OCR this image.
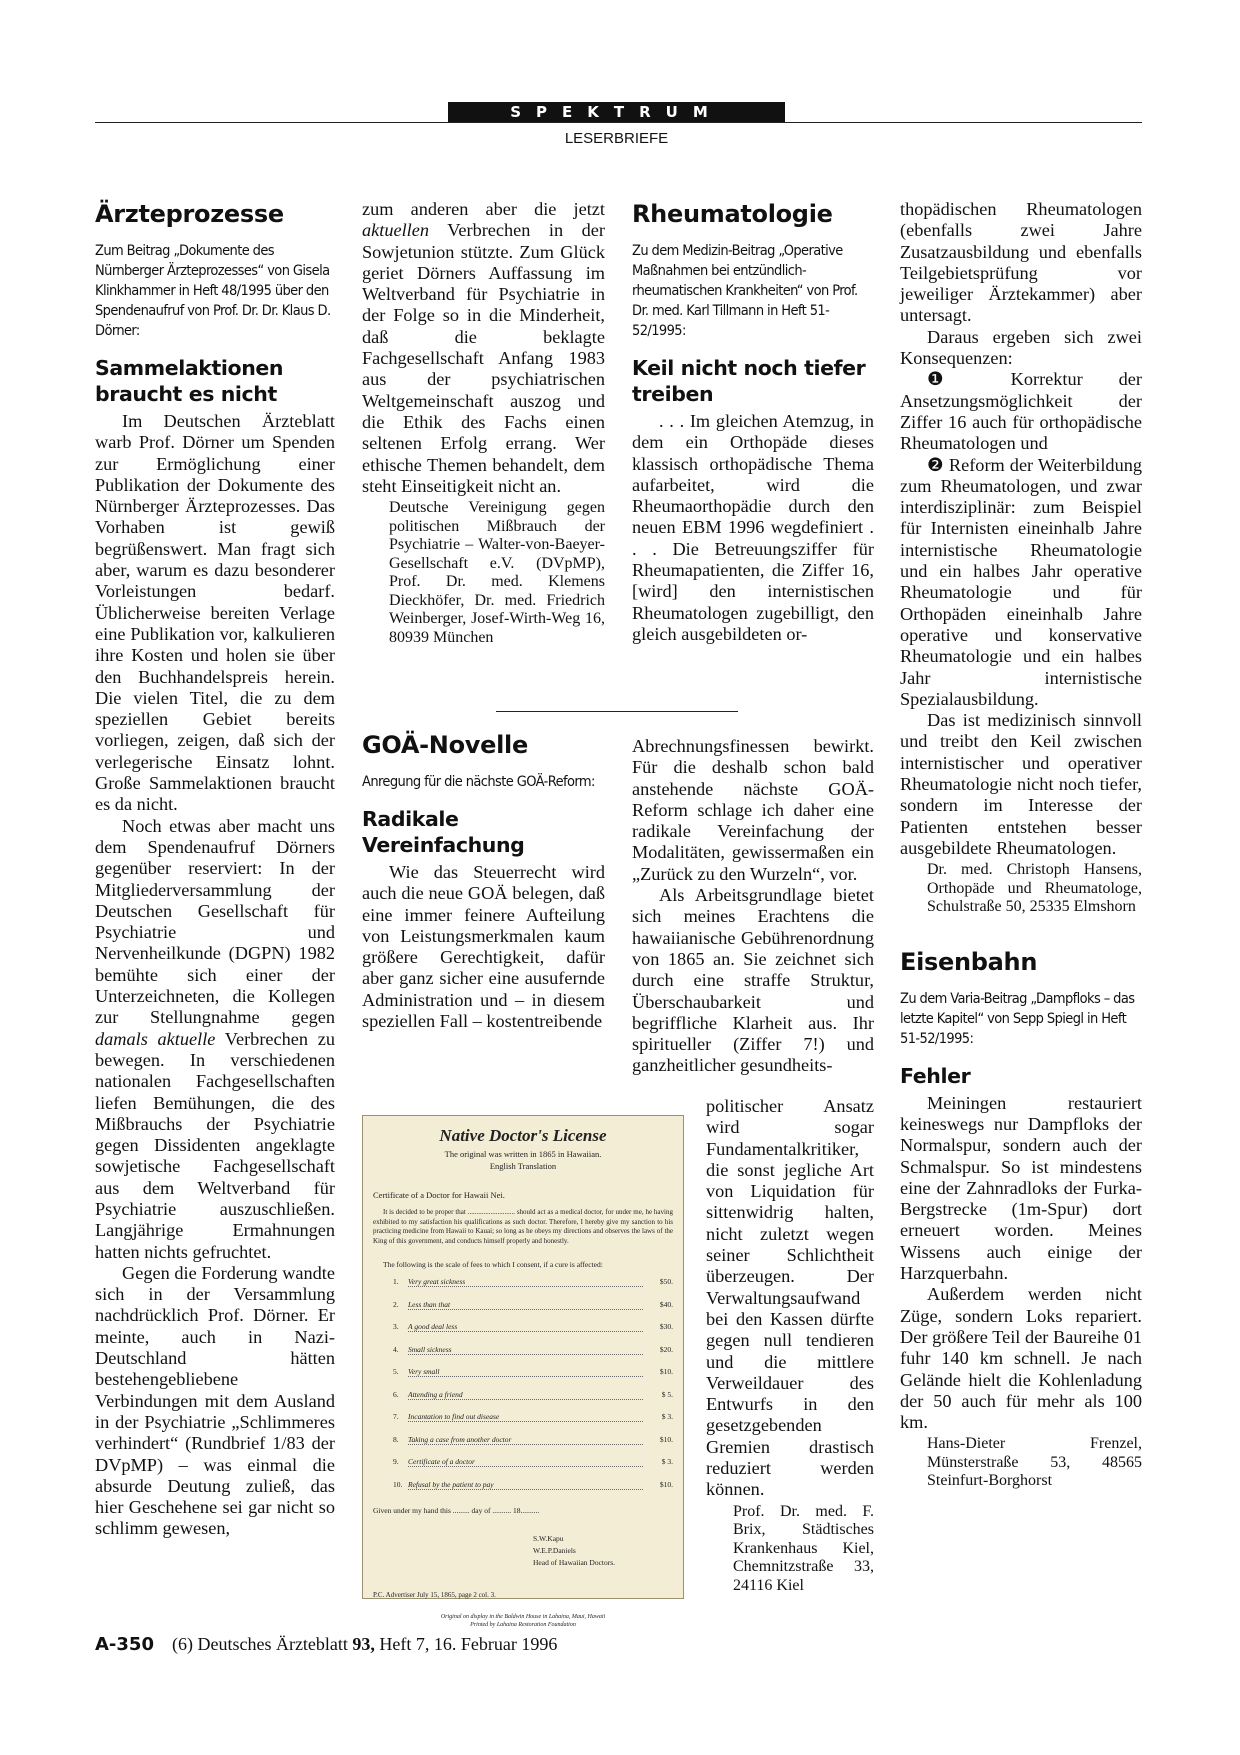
SPEKTRUM
LESERBRIEFE
Ärzteprozesse
Zum Beitrag „Dokumente des Nürnberger Ärzteprozesses“ von Gisela Klinkhammer in Heft 48/1995 über den Spendenaufruf von Prof. Dr. Dr. Klaus D. Dörner:
Sammelaktionen braucht es nicht

Im Deutschen Ärzteblatt warb Prof. Dörner um Spenden zur Ermöglichung einer Publikation der Dokumente des Nürnberger Ärzteprozesses. Das Vorhaben ist gewiß begrüßenswert. Man fragt sich aber, warum es dazu besonderer Vorleistungen bedarf. Üblicherweise bereiten Verlage eine Publikation vor, kalkulieren ihre Kosten und holen sie über den Buchhandelspreis herein. Die vielen Titel, die zu dem speziellen Gebiet bereits vorliegen, zeigen, daß sich der verlegerische Einsatz lohnt. Große Sammelaktionen braucht es da nicht.

Noch etwas aber macht uns dem Spendenaufruf Dörners gegenüber reserviert: In der Mitgliederversammlung der Deutschen Gesellschaft für Psychiatrie und Nervenheilkunde (DGPN) 1982 bemühte sich einer der Unterzeichneten, die Kollegen zur Stellungnahme gegen damals aktuelle Verbrechen zu bewegen. In verschiedenen nationalen Fachgesellschaften liefen Bemühungen, die des Mißbrauchs der Psychiatrie gegen Dissidenten angeklagte sowjetische Fachgesellschaft aus dem Weltverband für Psychiatrie auszuschließen. Langjährige Ermahnungen hatten nichts gefruchtet.

Gegen die Forderung wandte sich in der Versammlung nachdrücklich Prof. Dörner. Er meinte, auch in Nazi-Deutschland hätten bestehengebliebene Verbindungen mit dem Ausland in der Psychiatrie „Schlimmeres verhindert“ (Rundbrief 1/83 der DVpMP) – was einmal die absurde Deutung zuließ, das hier Geschehene sei gar nicht so schlimm gewesen,

zum anderen aber die jetzt aktuellen Verbrechen in der Sowjetunion stützte. Zum Glück geriet Dörners Auffassung im Weltverband für Psychiatrie in der Folge so in die Minderheit, daß die beklagte Fachgesellschaft Anfang 1983 aus der psychiatrischen Weltgemeinschaft auszog und die Ethik des Fachs einen seltenen Erfolg errang. Wer ethische Themen behandelt, dem steht Einseitigkeit nicht an.

Deutsche Vereinigung gegen politischen Mißbrauch der Psychiatrie – Walter-von-Baeyer-Gesellschaft e.V. (DVpMP), Prof. Dr. med. Klemens Dieckhöfer, Dr. med. Friedrich Weinberger, Josef-Wirth-Weg 16, 80939 München

Rheumatologie
Zu dem Medizin-Beitrag „Operative Maßnahmen bei entzündlich-rheumatischen Krankheiten“ von Prof. Dr. med. Karl Tillmann in Heft 51-52/1995:
Keil nicht noch tiefer treiben

. . . Im gleichen Atemzug, in dem ein Orthopäde dieses klassisch orthopädische Thema aufarbeitet, wird die Rheumaorthopädie durch den neuen EBM 1996 wegdefiniert . . . Die Betreuungsziffer für Rheumapatienten, die Ziffer 16, [wird] den internistischen Rheumatologen zugebilligt, den gleich ausgebildeten or-

thopädischen Rheumatologen (ebenfalls zwei Jahre Zusatzausbildung und ebenfalls Teilgebietsprüfung vor jeweiliger Ärztekammer) aber untersagt.

Daraus ergeben sich zwei Konsequenzen:

❶ Korrektur der Ansetzungsmöglichkeit der Ziffer 16 auch für orthopädische Rheumatologen und

❷ Reform der Weiterbildung zum Rheumatologen, und zwar interdisziplinär: zum Beispiel für Internisten eineinhalb Jahre internistische Rheumatologie und ein halbes Jahr operative Rheumatologie und für Orthopäden eineinhalb Jahre operative und konservative Rheumatologie und ein halbes Jahr internistische Spezialausbildung.

Das ist medizinisch sinnvoll und treibt den Keil zwischen internistischer und operativer Rheumatologie nicht noch tiefer, sondern im Interesse der Patienten entstehen besser ausgebildete Rheumatologen.

Dr. med. Christoph Hansens, Orthopäde und Rheumatologe, Schulstraße 50, 25335 Elmshorn

Eisenbahn
Zu dem Varia-Beitrag „Dampfloks – das letzte Kapitel“ von Sepp Spiegl in Heft 51-52/1995:
Fehler

Meiningen restauriert keineswegs nur Dampfloks der Normalspur, sondern auch der Schmalspur. So ist mindestens eine der Zahnradloks der Furka-Bergstrecke (1m-Spur) dort erneuert worden. Meines Wissens auch einige der Harzquerbahn.

Außerdem werden nicht Züge, sondern Loks repariert. Der größere Teil der Baureihe 01 fuhr 140 km schnell. Je nach Gelände hielt die Kohlenladung der 50 auch für mehr als 100 km.

Hans-Dieter Frenzel, Münsterstraße 53, 48565 Steinfurt-Borghorst

GOÄ-Novelle
Anregung für die nächste GOÄ-Reform:
Radikale Vereinfachung

Wie das Steuerrecht wird auch die neue GOÄ belegen, daß eine immer feinere Aufteilung von Leistungsmerkmalen kaum größere Gerechtigkeit, dafür aber ganz sicher eine ausufernde Administration und – in diesem speziellen Fall – kostentreibende

Abrechnungsfinessen bewirkt. Für die deshalb schon bald anstehende nächste GOÄ-Reform schlage ich daher eine radikale Vereinfachung der Modalitäten, gewissermaßen ein „Zurück zu den Wurzeln“, vor.

Als Arbeitsgrundlage bietet sich meines Erachtens die hawaiianische Gebührenordnung von 1865 an. Sie zeichnet sich durch eine straffe Struktur, Überschaubarkeit und begriffliche Klarheit aus. Ihr spiritueller (Ziffer 7!) und ganzheitlicher gesundheits-

politischer Ansatz wird sogar Fundamentalkritiker, die sonst jegliche Art von Liquidation für sittenwidrig halten, nicht zuletzt wegen seiner Schlichtheit überzeugen. Der Verwaltungsaufwand bei den Kassen dürfte gegen null tendieren und die mittlere Verweildauer des Entwurfs in den gesetzgebenden Gremien drastisch reduziert werden können.

Prof. Dr. med. F. Brix, Städtisches Krankenhaus Kiel, Chemnitzstraße 33, 24116 Kiel

Native Doctor's License

The original was written in 1865 in Hawaiian.
English Translation

Certificate of a Doctor for Hawaii Nei.

It is decided to be proper that ........................... should act as a medical doctor, for under me, he having exhibited to my satisfaction his qualifications as such doctor. Therefore, I hereby give my sanction to his practicing medicine from Hawaii to Kauai; so long as he obeys my directions and observes the laws of the King of this government, and conducts himself properly and honestly.

The following is the scale of fees to which I consent, if a cure is affected:

1.	Very great sickness	$50.
2.	Less than that	$40.
3.	A good deal less	$30.
4.	Small sickness	$20.
5.	Very small	$10.
6.	Attending a friend	$ 5.
7.	Incantation to find out disease	$ 3.
8.	Taking a case from another doctor	$10.
9.	Certificate of a doctor	$ 3.
10. Refusal by the patient to pay	$10.

Given under my hand this ......... day of .......... 18..........

S.W.Kapu
W.E.P.Daniels
Head of Hawaiian Doctors.

P.C. Advertiser July 15, 1865, page 2 col. 3.

Original on display in the Baldwin House in Lahaina, Maui, Hawaii
Printed by Lahaina Restoration Foundation
A-350 (6) Deutsches Ärzteblatt 93, Heft 7, 16. Februar 1996
